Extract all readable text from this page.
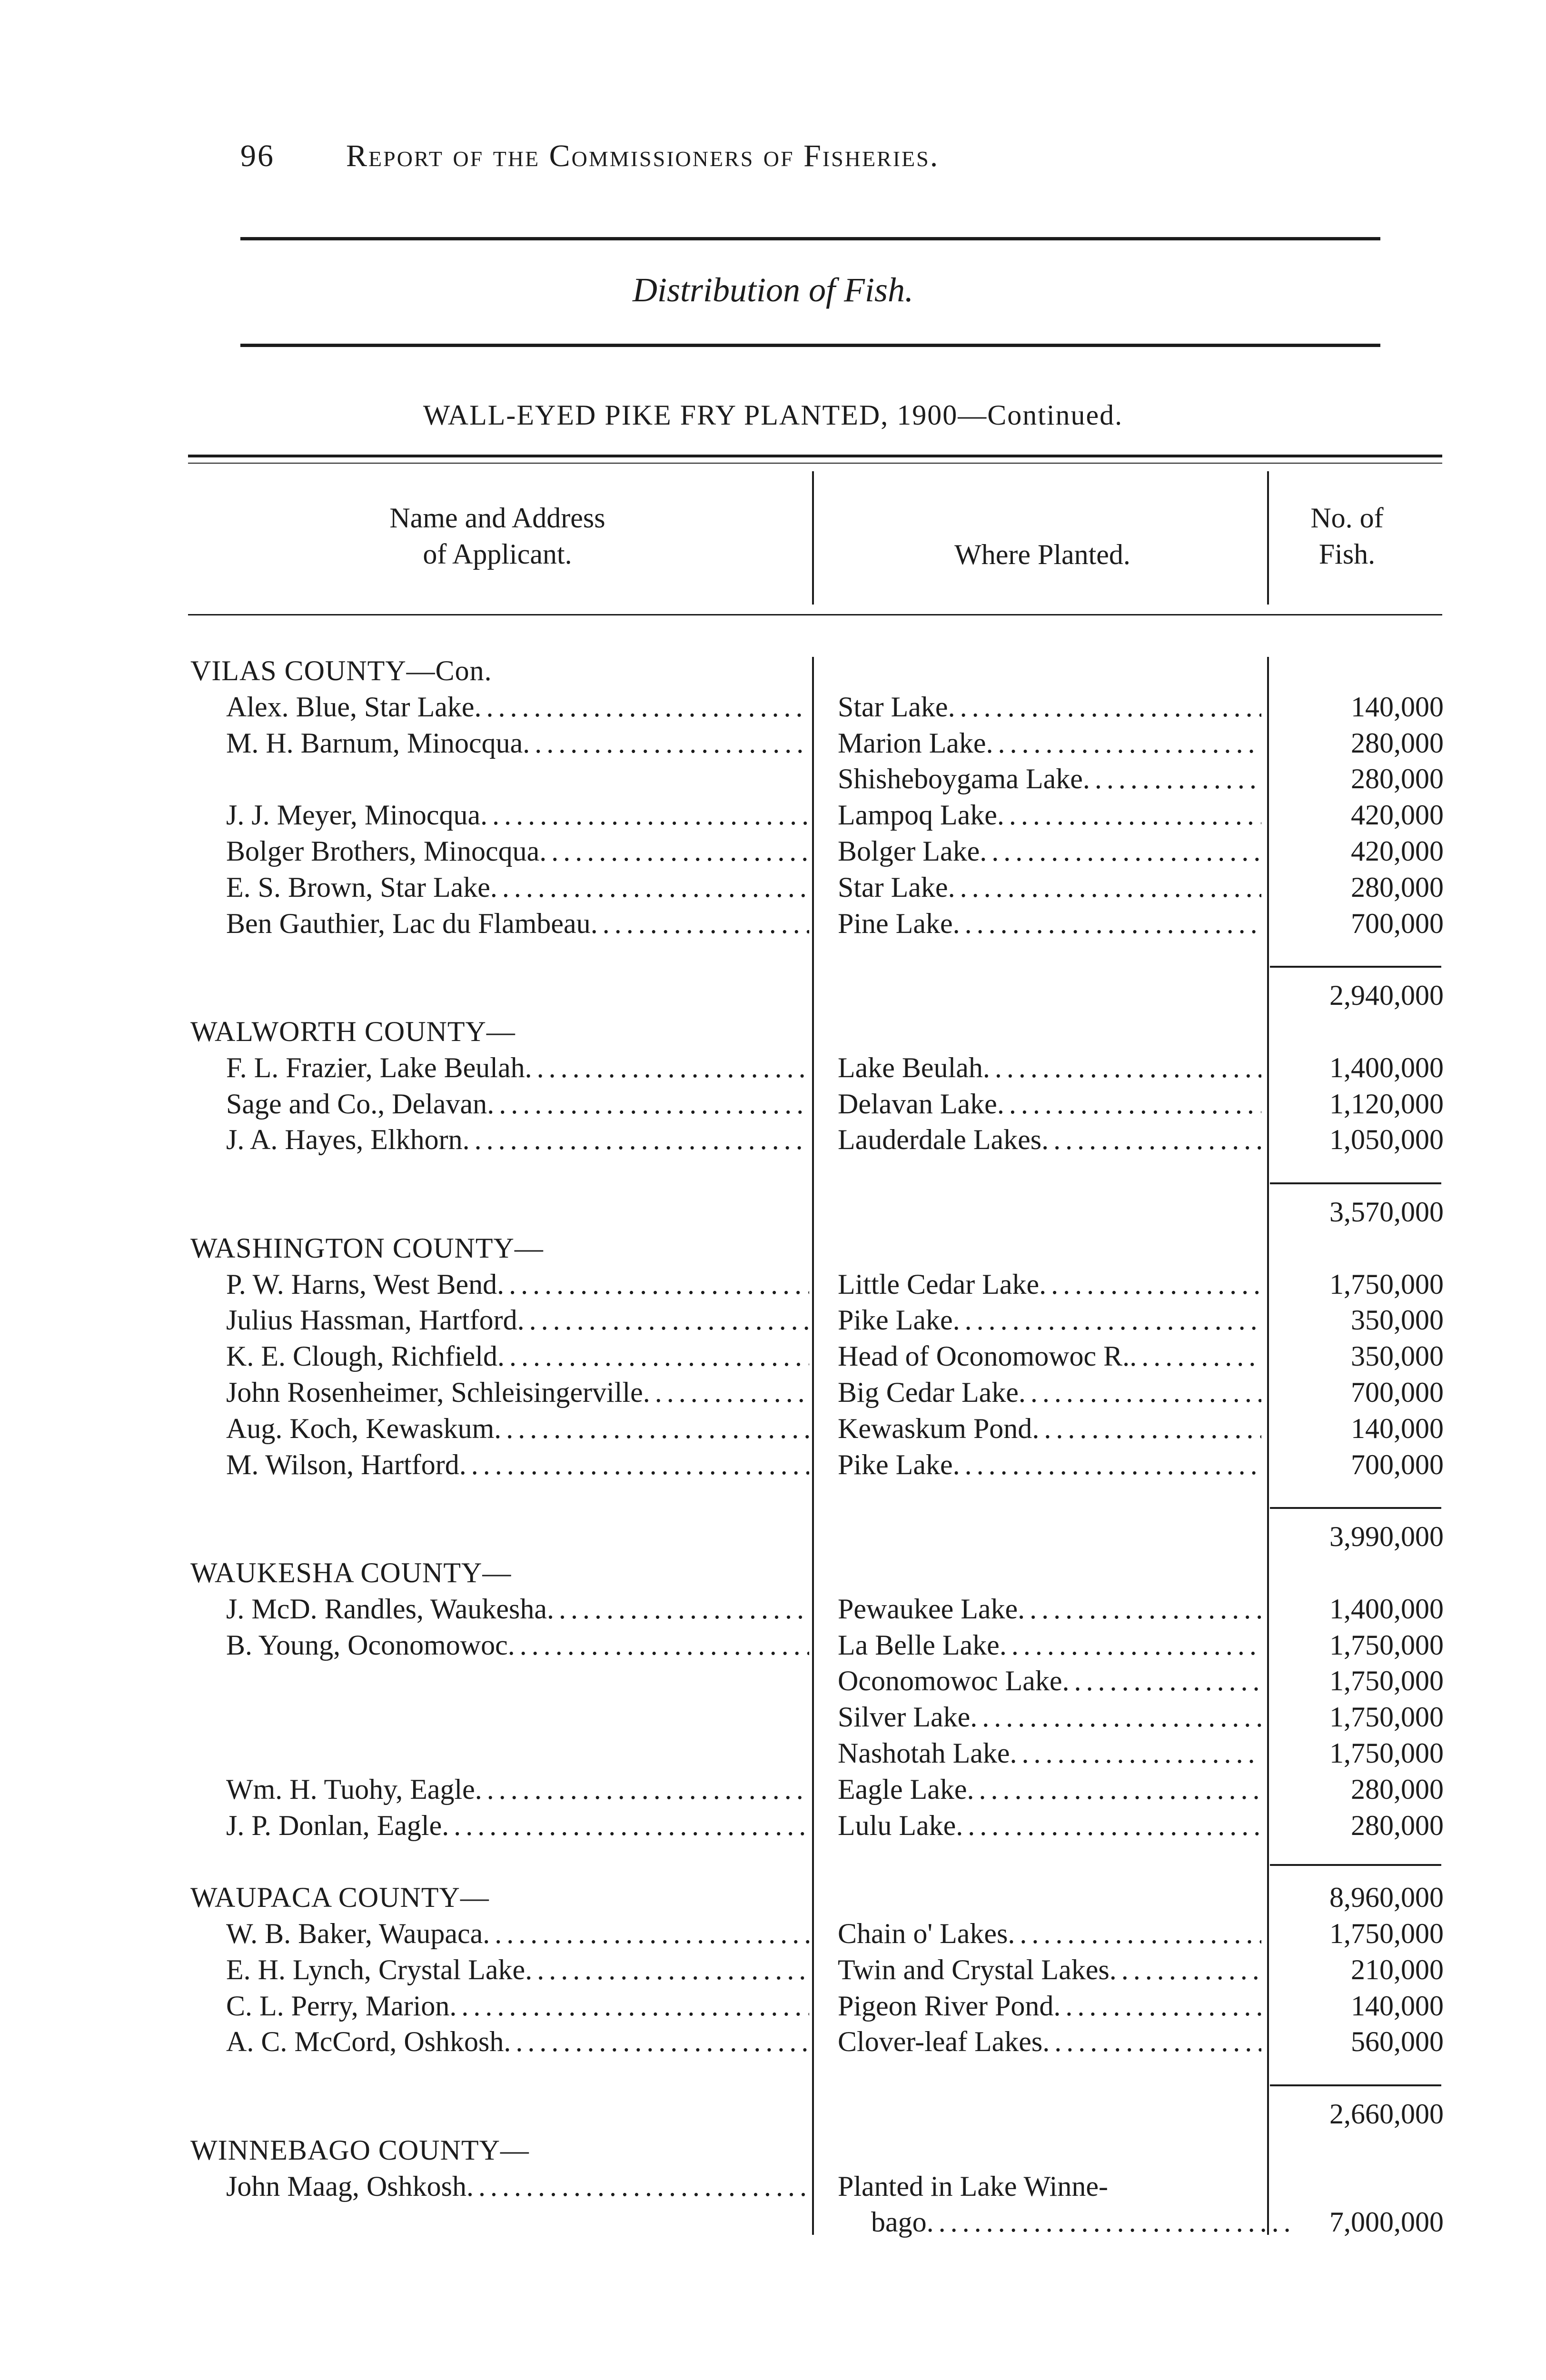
96 Report of the Commissioners of Fisheries.
Distribution of Fish.
WALL-EYED PIKE FRY PLANTED, 1900—Continued.
Name and Address
of Applicant.	Where Planted.
No. of
Fish.
VILAS COUNTY—Con.
Alex. Blue, Star Lake .....	Star Lake .....	140,000
M. H. Barnum, Minocqua .....	Marion Lake .....	280,000
Shisheboygama Lake .....	280,000
J. J. Meyer, Minocqua .....	Lampoq Lake .....	420,000
Bolger Brothers, Minocqua .....	Bolger Lake .....	420,000
E. S. Brown, Star Lake .....	Star Lake .....	280,000
Ben Gauthier, Lac du Flambeau .....	Pine Lake .....	700,000
2,940,000
WALWORTH COUNTY—
F. L. Frazier, Lake Beulah .....	Lake Beulah .....	1,400,000
Sage and Co., Delavan .....	Delavan Lake .....	1,120,000
J. A. Hayes, Elkhorn .....	Lauderdale Lakes .....	1,050,000
3,570,000
WASHINGTON COUNTY—
P. W. Harns, West Bend .....	Little Cedar Lake .....	1,750,000
Julius Hassman, Hartford .....	Pike Lake .....	350,000
K. E. Clough, Richfield .....	Head of Oconomowoc R. .....	350,000
John Rosenheimer, Schleisingerville .....	Big Cedar Lake .....	700,000
Aug. Koch, Kewaskum .....	Kewaskum Pond .....	140,000
M. Wilson, Hartford .....	Pike Lake .....	700,000
3,990,000
WAUKESHA COUNTY—
J. McD. Randles, Waukesha .....	Pewaukee Lake .....	1,400,000
B. Young, Oconomowoc .....	La Belle Lake .....	1,750,000
Oconomowoc Lake .....	1,750,000
Silver Lake .....	1,750,000
Nashotah Lake .....	1,750,000
Wm. H. Tuohy, Eagle .....	Eagle Lake .....	280,000
J. P. Donlan, Eagle .....	Lulu Lake .....	280,000
WAUPACA COUNTY—	8,960,000
W. B. Baker, Waupaca .....	Chain o' Lakes .....	1,750,000
E. H. Lynch, Crystal Lake .....	Twin and Crystal Lakes .....	210,000
C. L. Perry, Marion .....	Pigeon River Pond .....	140,000
A. C. McCord, Oshkosh .....	Clover-leaf Lakes .....	560,000
2,660,000
WINNEBAGO COUNTY—
John Maag, Oshkosh .....	Planted in Lake Winne-
bago .....	7,000,000
